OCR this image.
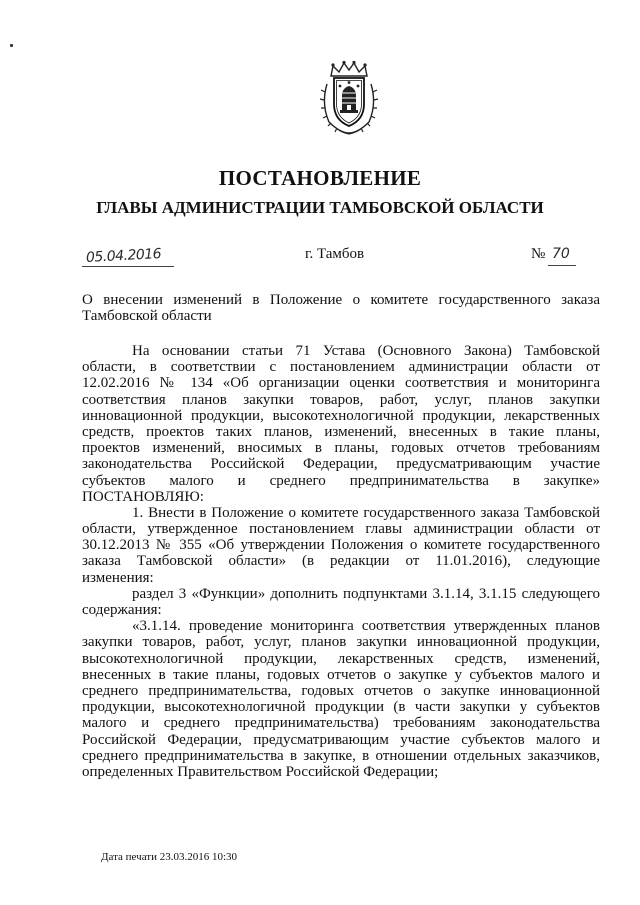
ПОСТАНОВЛЕНИЕ
ГЛАВЫ АДМИНИСТРАЦИИ ТАМБОВСКОЙ ОБЛАСТИ
05.04.2016	г. Тамбов	№ 70
О внесении изменений в Положение о комитете государственного заказа
Тамбовской области
На основании статьи 71 Устава (Основного Закона) Тамбовской
области, в соответствии с постановлением администрации области от
12.02.2016 № 134 «Об организации оценки соответствия и мониторинга
соответствия планов закупки товаров, работ, услуг, планов закупки
инновационной продукции, высокотехнологичной продукции, лекарственных
средств, проектов таких планов, изменений, внесенных в такие планы,
проектов изменений, вносимых в планы, годовых отчетов требованиям
законодательства Российской Федерации, предусматривающим участие
субъектов малого и среднего предпринимательства в закупке»
ПОСТАНОВЛЯЮ:
1. Внести в Положение о комитете государственного заказа Тамбовской
области, утвержденное постановлением главы администрации области от
30.12.2013 № 355 «Об утверждении Положения о комитете государственного
заказа Тамбовской области» (в редакции от 11.01.2016), следующие
изменения:
раздел 3 «Функции» дополнить подпунктами 3.1.14, 3.1.15 следующего
содержания:
«3.1.14. проведение мониторинга соответствия утвержденных планов
закупки товаров, работ, услуг, планов закупки инновационной продукции,
высокотехнологичной продукции, лекарственных средств, изменений,
внесенных в такие планы, годовых отчетов о закупке у субъектов малого и
среднего предпринимательства, годовых отчетов о закупке инновационной
продукции, высокотехнологичной продукции (в части закупки у субъектов
малого и среднего предпринимательства) требованиям законодательства
Российской Федерации, предусматривающим участие субъектов малого и
среднего предпринимательства в закупке, в отношении отдельных заказчиков,
определенных Правительством Российской Федерации;
Дата печати 23.03.2016 10:30
